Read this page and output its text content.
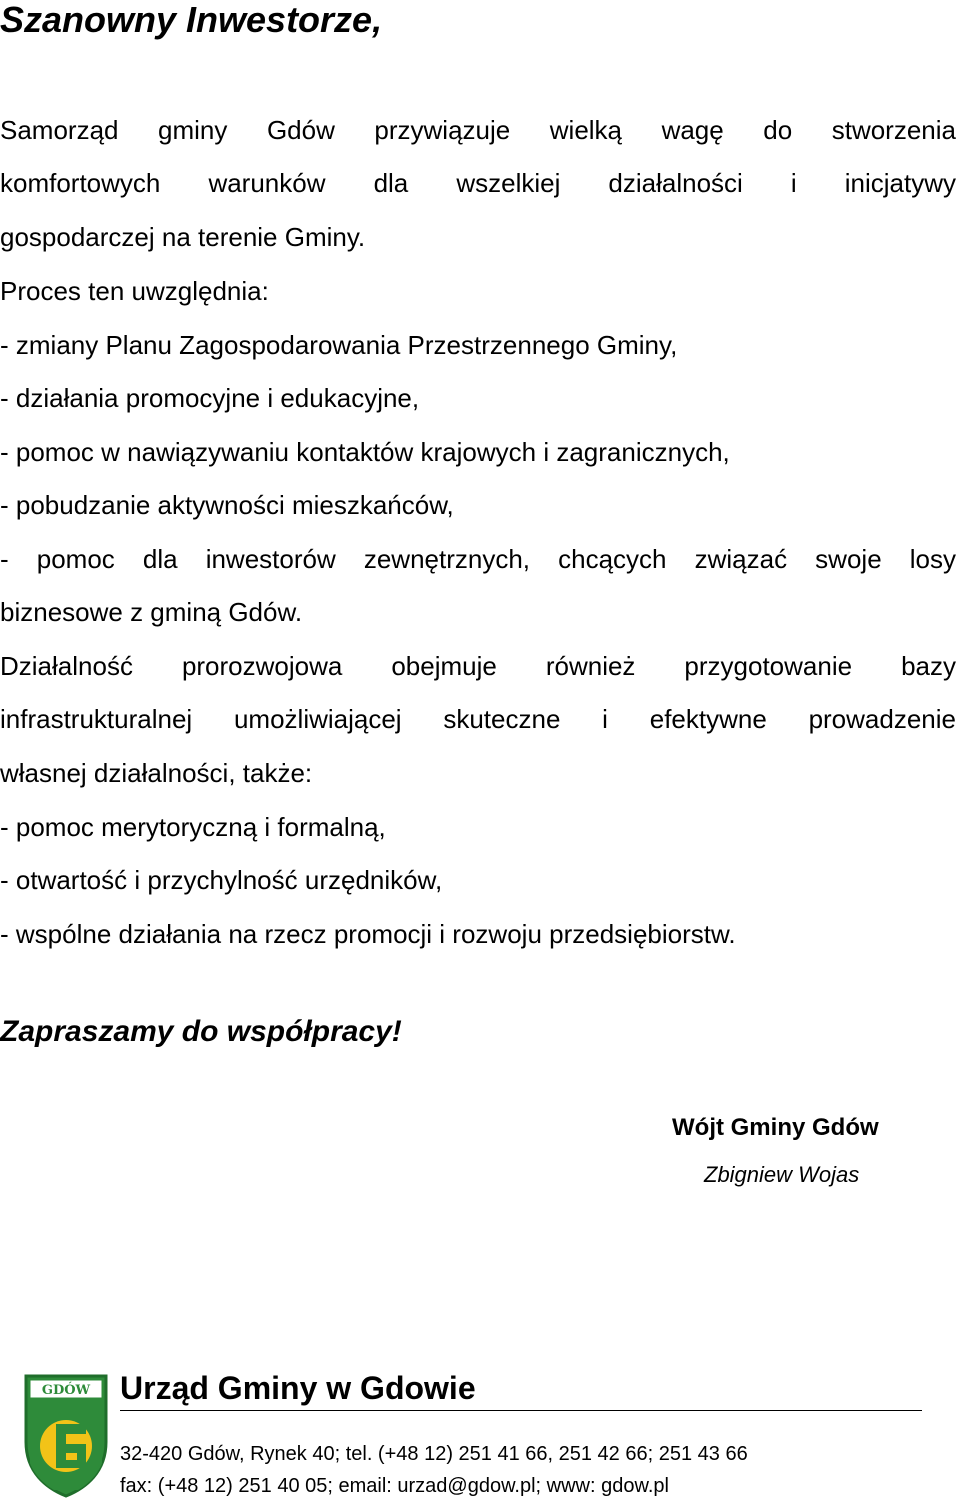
Szanowny Inwestorze,
Samorząd gminy Gdów przywiązuje wielką wagę do stworzenia
komfortowych warunków dla wszelkiej działalności i inicjatywy
gospodarczej na terenie Gminy.
Proces ten uwzględnia:
- zmiany Planu Zagospodarowania Przestrzennego Gminy,
- działania promocyjne i edukacyjne,
- pomoc w nawiązywaniu kontaktów krajowych i zagranicznych,
- pobudzanie aktywności mieszkańców,
- pomoc dla inwestorów zewnętrznych, chcących związać swoje losy
biznesowe z gminą Gdów.
Działalność prorozwojowa obejmuje również przygotowanie bazy
infrastrukturalnej umożliwiającej skuteczne i efektywne prowadzenie
własnej działalności, także:
- pomoc merytoryczną i formalną,
- otwartość i przychylność urzędników,
- wspólne działania na rzecz promocji i rozwoju przedsiębiorstw.
Zapraszamy do współpracy!
Wójt Gminy Gdów
Zbigniew Wojas
GDÓW Urząd Gminy w Gdowie
32-420 Gdów, Rynek 40; tel. (+48 12) 251 41 66, 251 42 66; 251 43 66
fax: (+48 12) 251 40 05; email: urzad@gdow.pl; www: gdow.pl
